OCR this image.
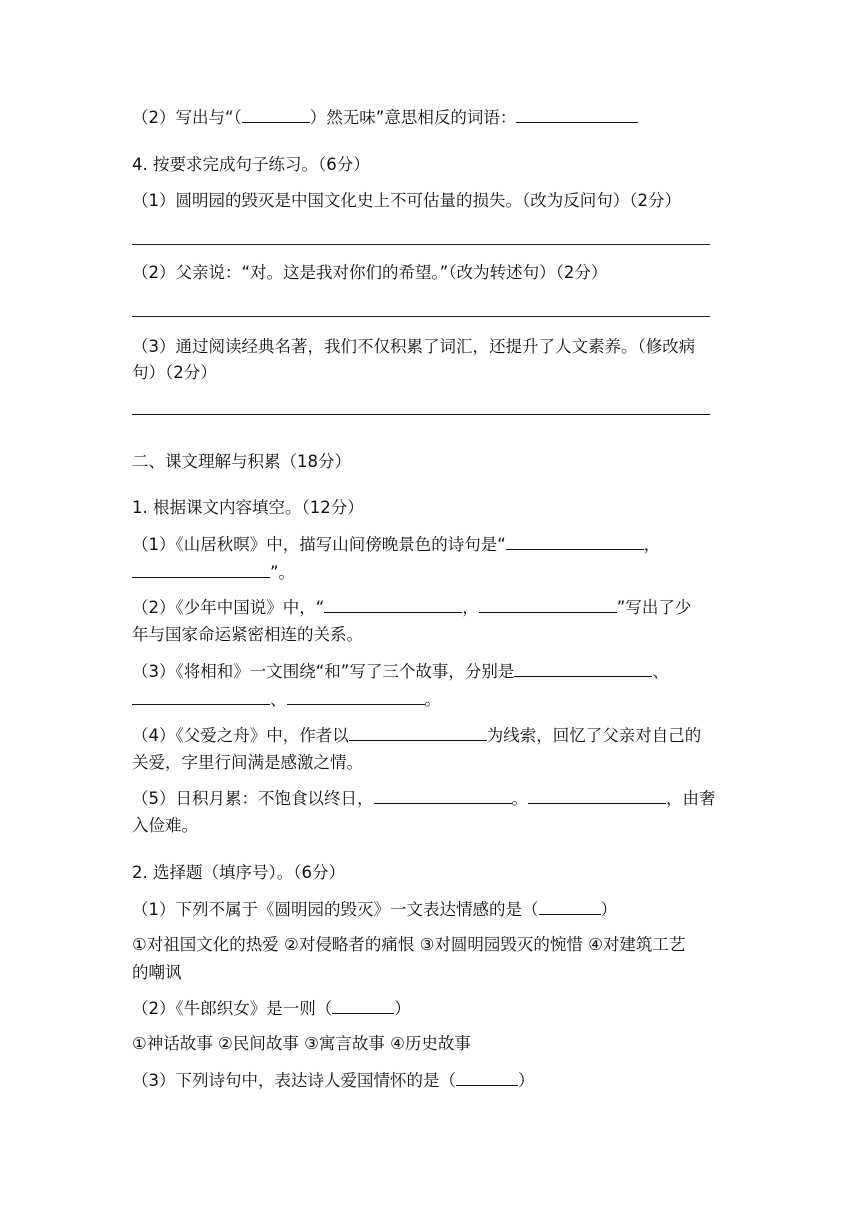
（2）写出与“（	）然无味”意思相反的词语：
4. 按要求完成句子练习。（6分）
（1）圆明园的毁灭是中国文化史上不可估量的损失。（改为反问句）（2分）
（2）父亲说：“对。这是我对你们的希望。”（改为转述句）（2分）
（3）通过阅读经典名著，我们不仅积累了词汇，还提升了人文素养。（修改病
句）（2分）
二、课文理解与积累（18分）
1. 根据课文内容填空。（12分）
（1）《山居秋暝》中，描写山间傍晚景色的诗句是“	，
”。
（2）《少年中国说》中，“	，	”写出了少
年与国家命运紧密相连的关系。
（3）《将相和》一文围绕“和”写了三个故事，分别是	、
、	。
（4）《父爱之舟》中，作者以	为线索，回忆了父亲对自己的
关爱，字里行间满是感激之情。
（5）日积月累：不饱食以终日，	。	，由奢
入俭难。
2. 选择题（填序号）。（6分）
（1）下列不属于《圆明园的毁灭》一文表达情感的是（	）
①对祖国文化的热爱 ②对侵略者的痛恨 ③对圆明园毁灭的惋惜 ④对建筑工艺
的嘲讽
（2）《牛郎织女》是一则（	）
①神话故事 ②民间故事 ③寓言故事 ④历史故事
（3）下列诗句中，表达诗人爱国情怀的是（	）
